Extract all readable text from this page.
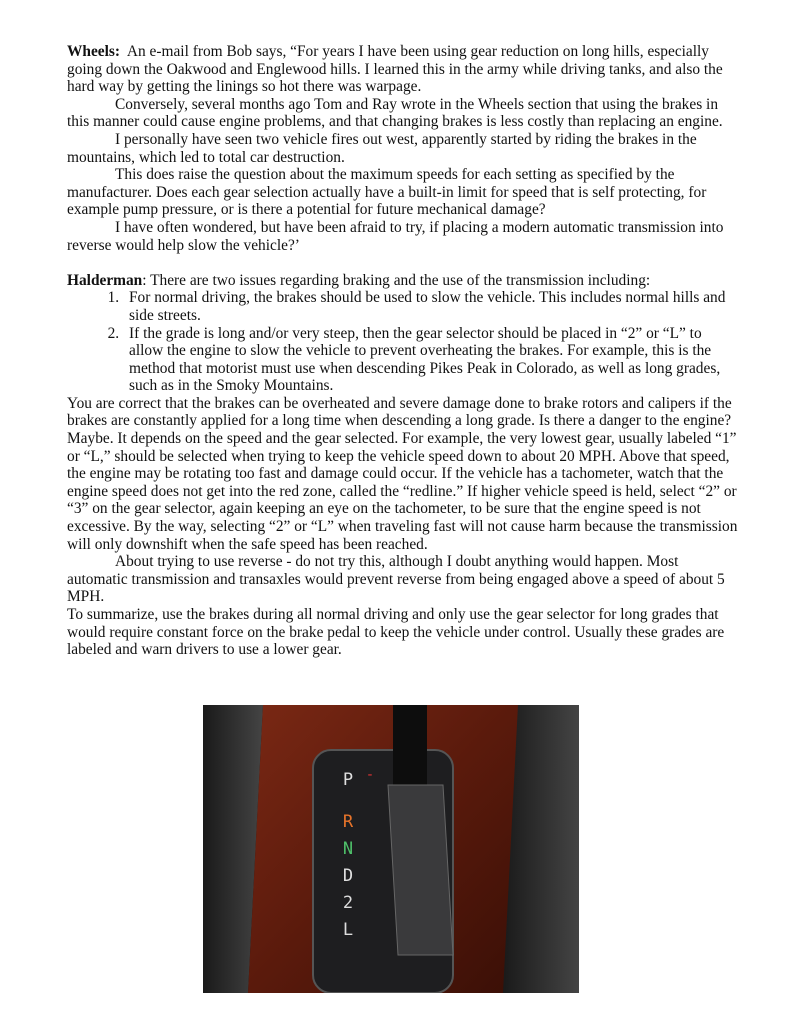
Wheels: An e-mail from Bob says, “For years I have been using gear reduction on long hills, especially going down the Oakwood and Englewood hills. I learned this in the army while driving tanks, and also the hard way by getting the linings so hot there was warpage.

Conversely, several months ago Tom and Ray wrote in the Wheels section that using the brakes in this manner could cause engine problems, and that changing brakes is less costly than replacing an engine.

I personally have seen two vehicle fires out west, apparently started by riding the brakes in the mountains, which led to total car destruction.

This does raise the question about the maximum speeds for each setting as specified by the manufacturer. Does each gear selection actually have a built-in limit for speed that is self protecting, for example pump pressure, or is there a potential for future mechanical damage?

I have often wondered, but have been afraid to try, if placing a modern automatic transmission into reverse would help slow the vehicle?’

Halderman: There are two issues regarding braking and the use of the transmission including:

1. For normal driving, the brakes should be used to slow the vehicle. This includes normal hills and side streets.
2. If the grade is long and/or very steep, then the gear selector should be placed in “2” or “L” to allow the engine to slow the vehicle to prevent overheating the brakes. For example, this is the method that motorist must use when descending Pikes Peak in Colorado, as well as long grades, such as in the Smoky Mountains.

You are correct that the brakes can be overheated and severe damage done to brake rotors and calipers if the brakes are constantly applied for a long time when descending a long grade. Is there a danger to the engine? Maybe. It depends on the speed and the gear selected. For example, the very lowest gear, usually labeled “1” or “L,” should be selected when trying to keep the vehicle speed down to about 20 MPH. Above that speed, the engine may be rotating too fast and damage could occur. If the vehicle has a tachometer, watch that the engine speed does not get into the red zone, called the “redline.” If higher vehicle speed is held, select “2” or “3” on the gear selector, again keeping an eye on the tachometer, to be sure that the engine speed is not excessive. By the way, selecting “2” or “L” when traveling fast will not cause harm because the transmission will only downshift when the safe speed has been reached.

About trying to use reverse - do not try this, although I doubt anything would happen. Most automatic transmission and transaxles would prevent reverse from being engaged above a speed of about 5 MPH.

To summarize, use the brakes during all normal driving and only use the gear selector for long grades that would require constant force on the brake pedal to keep the vehicle under control. Usually these grades are labeled and warn drivers to use a lower gear.

P -
R
N
D
2
L
